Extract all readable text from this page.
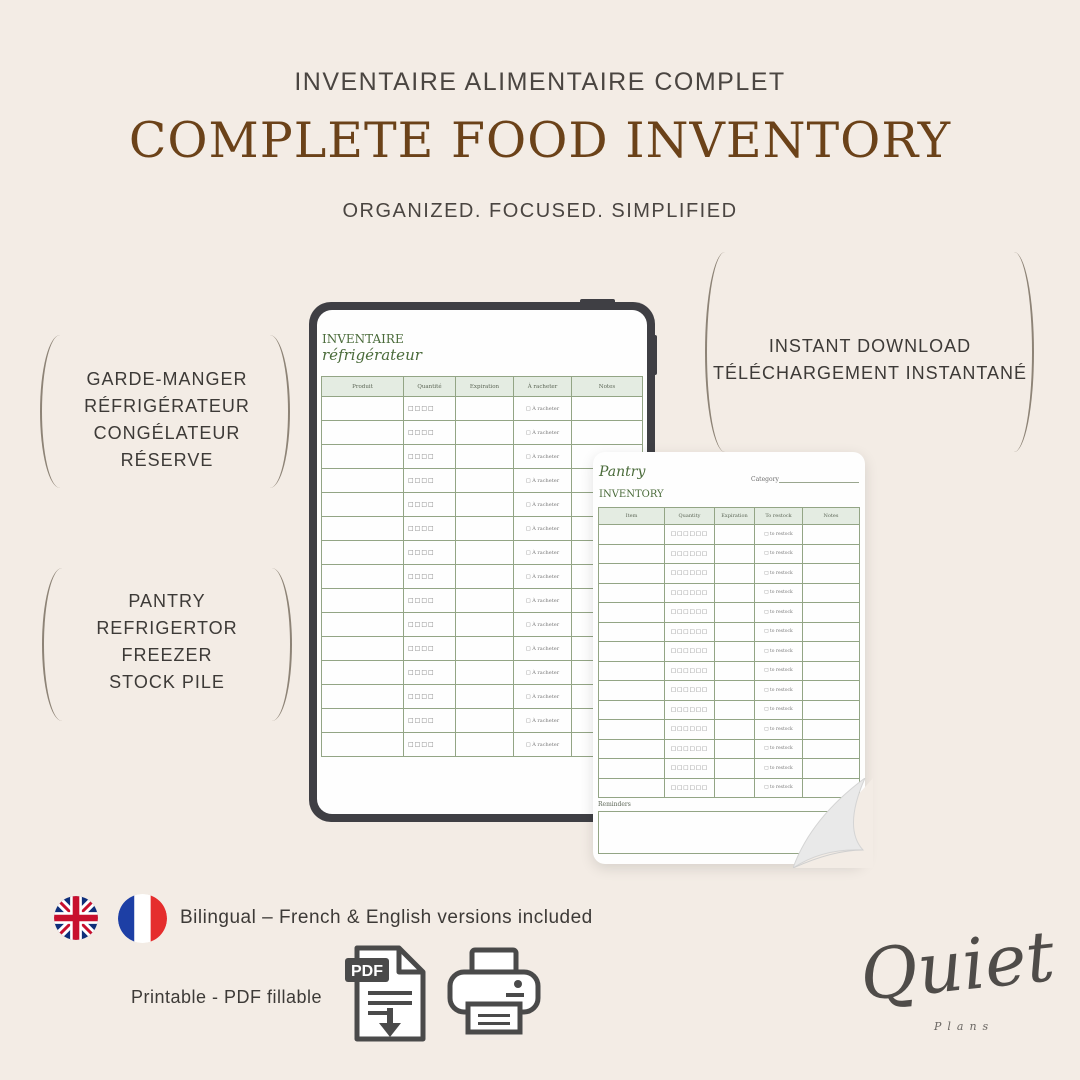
INVENTAIRE ALIMENTAIRE COMPLET
COMPLETE FOOD INVENTORY
ORGANIZED. FOCUSED. SIMPLIFIED
GARDE-MANGER
RÉFRIGÉRATEUR
CONGÉLATEUR
RÉSERVE
PANTRY
REFRIGERTOR
FREEZER
STOCK PILE
INSTANT DOWNLOAD
TÉLÉCHARGEMENT INSTANTANÉ
INVENTAIRE
réfrigérateur
Produit	Quantité	Expiration	À racheter	Notes
	□□□□		□ À racheter	
	□□□□		□ À racheter	
	□□□□		□ À racheter	
	□□□□		□ À racheter	
	□□□□		□ À racheter	
	□□□□		□ À racheter	
	□□□□		□ À racheter	
	□□□□		□ À racheter	
	□□□□		□ À racheter	
	□□□□		□ À racheter	
	□□□□		□ À racheter	
	□□□□		□ À racheter	
	□□□□		□ À racheter	
	□□□□		□ À racheter	
	□□□□		□ À racheter	
Pantry
INVENTORY
Category
Item	Quantity	Expiration	To restock	Notes
	□□□□□□		□ to restock	
	□□□□□□		□ to restock	
	□□□□□□		□ to restock	
	□□□□□□		□ to restock	
	□□□□□□		□ to restock	
	□□□□□□		□ to restock	
	□□□□□□		□ to restock	
	□□□□□□		□ to restock	
	□□□□□□		□ to restock	
	□□□□□□		□ to restock	
	□□□□□□		□ to restock	
	□□□□□□		□ to restock	
	□□□□□□		□ to restock	
	□□□□□□		□ to restock	
Reminders
Bilingual – French & English versions included
Printable - PDF fillable
PDF	Quiet
Plans
